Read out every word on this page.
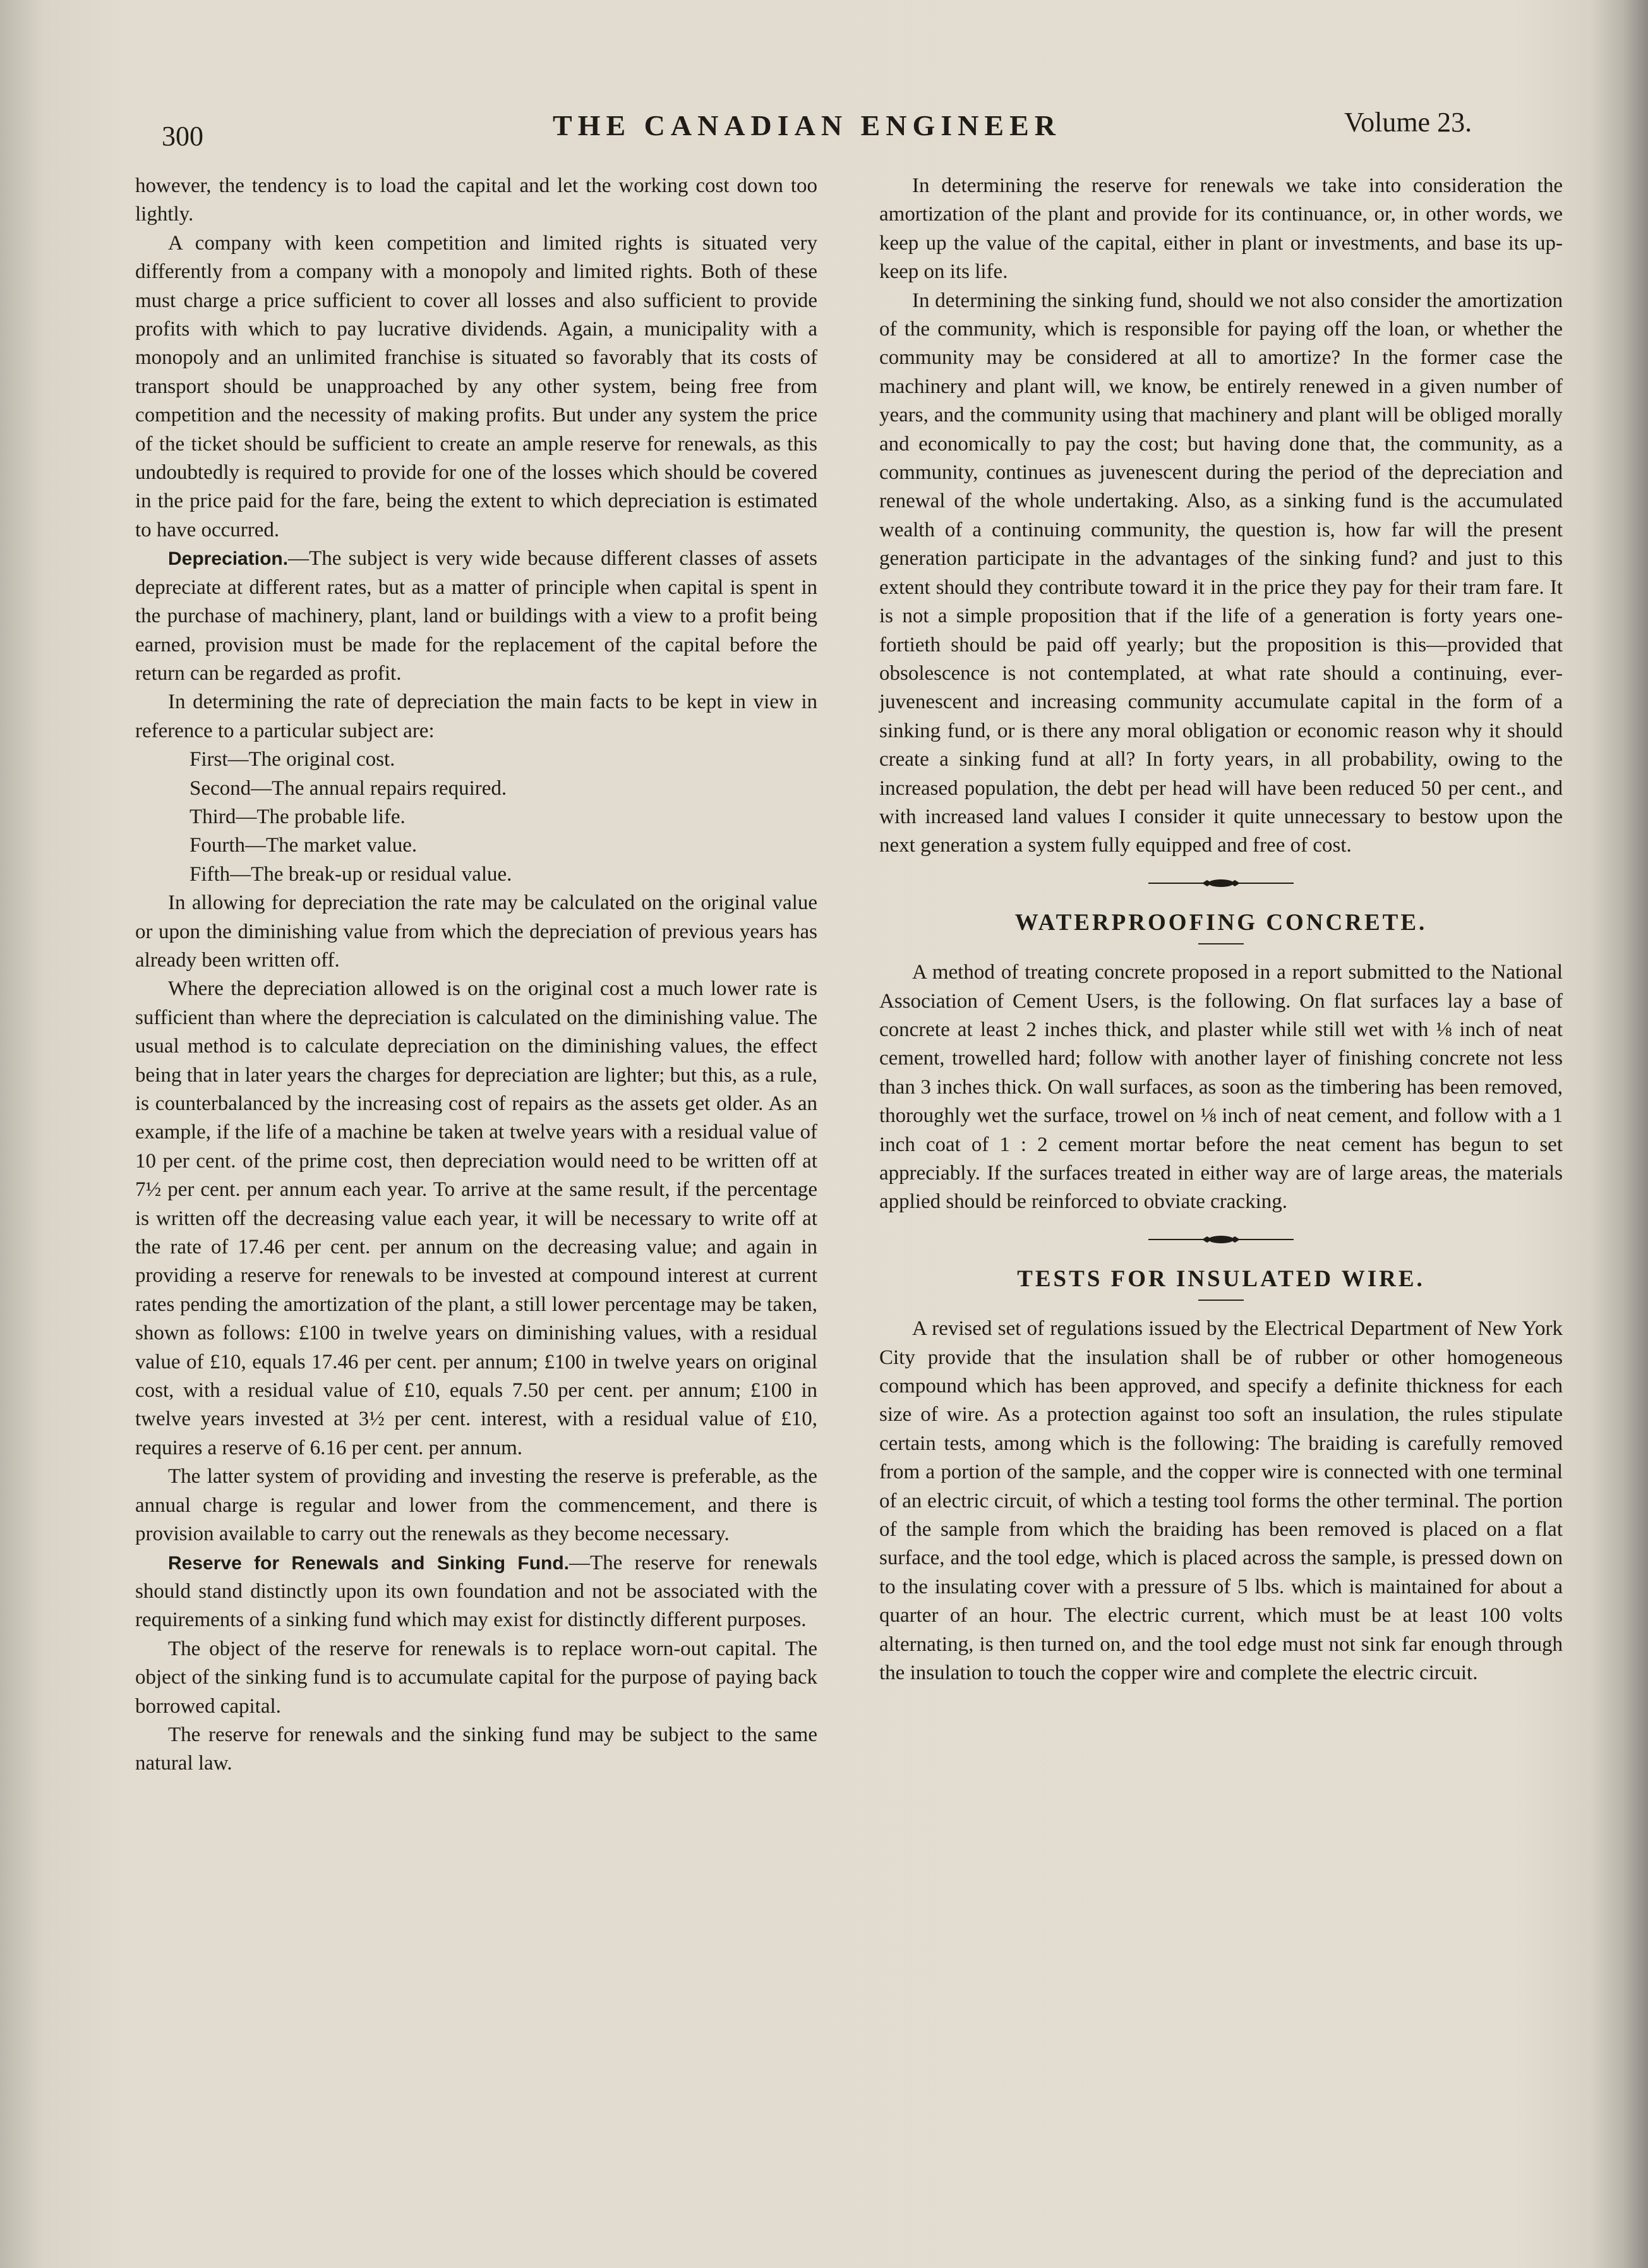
300	THE CANADIAN ENGINEER	Volume 23.

however, the tendency is to load the capital and let the working cost down too lightly.

A company with keen competition and limited rights is situated very differently from a company with a monopoly and limited rights. Both of these must charge a price sufficient to cover all losses and also sufficient to provide profits with which to pay lucrative dividends. Again, a municipality with a monopoly and an unlimited franchise is situated so favorably that its costs of transport should be unapproached by any other system, being free from competition and the necessity of making profits. But under any system the price of the ticket should be sufficient to create an ample reserve for renewals, as this undoubtedly is required to provide for one of the losses which should be covered in the price paid for the fare, being the extent to which depreciation is estimated to have occurred.

Depreciation.—The subject is very wide because different classes of assets depreciate at different rates, but as a matter of principle when capital is spent in the purchase of machinery, plant, land or buildings with a view to a profit being earned, provision must be made for the replacement of the capital before the return can be regarded as profit.

In determining the rate of depreciation the main facts to be kept in view in reference to a particular subject are:

First—The original cost.
Second—The annual repairs required.
Third—The probable life.
Fourth—The market value.
Fifth—The break-up or residual value.

In allowing for depreciation the rate may be calculated on the original value or upon the diminishing value from which the depreciation of previous years has already been written off.

Where the depreciation allowed is on the original cost a much lower rate is sufficient than where the depreciation is calculated on the diminishing value. The usual method is to calculate depreciation on the diminishing values, the effect being that in later years the charges for depreciation are lighter; but this, as a rule, is counterbalanced by the increasing cost of repairs as the assets get older. As an example, if the life of a machine be taken at twelve years with a residual value of 10 per cent. of the prime cost, then depreciation would need to be written off at 7½ per cent. per annum each year. To arrive at the same result, if the percentage is written off the decreasing value each year, it will be necessary to write off at the rate of 17.46 per cent. per annum on the decreasing value; and again in providing a reserve for renewals to be invested at compound interest at current rates pending the amortization of the plant, a still lower percentage may be taken, shown as follows: £100 in twelve years on diminishing values, with a residual value of £10, equals 17.46 per cent. per annum; £100 in twelve years on original cost, with a residual value of £10, equals 7.50 per cent. per annum; £100 in twelve years invested at 3½ per cent. interest, with a residual value of £10, requires a reserve of 6.16 per cent. per annum.

The latter system of providing and investing the reserve is preferable, as the annual charge is regular and lower from the commencement, and there is provision available to carry out the renewals as they become necessary.

Reserve for Renewals and Sinking Fund.—The reserve for renewals should stand distinctly upon its own foundation and not be associated with the requirements of a sinking fund which may exist for distinctly different purposes.

The object of the reserve for renewals is to replace worn-out capital. The object of the sinking fund is to accumulate capital for the purpose of paying back borrowed capital.

The reserve for renewals and the sinking fund may be subject to the same natural law.

In determining the reserve for renewals we take into consideration the amortization of the plant and provide for its continuance, or, in other words, we keep up the value of the capital, either in plant or investments, and base its up-keep on its life.

In determining the sinking fund, should we not also consider the amortization of the community, which is responsible for paying off the loan, or whether the community may be considered at all to amortize? In the former case the machinery and plant will, we know, be entirely renewed in a given number of years, and the community using that machinery and plant will be obliged morally and economically to pay the cost; but having done that, the community, as a community, continues as juvenescent during the period of the depreciation and renewal of the whole undertaking. Also, as a sinking fund is the accumulated wealth of a continuing community, the question is, how far will the present generation participate in the advantages of the sinking fund? and just to this extent should they contribute toward it in the price they pay for their tram fare. It is not a simple proposition that if the life of a generation is forty years one-fortieth should be paid off yearly; but the proposition is this—provided that obsolescence is not contemplated, at what rate should a continuing, ever-juvenescent and increasing community accumulate capital in the form of a sinking fund, or is there any moral obligation or economic reason why it should create a sinking fund at all? In forty years, in all probability, owing to the increased population, the debt per head will have been reduced 50 per cent., and with increased land values I consider it quite unnecessary to bestow upon the next generation a system fully equipped and free of cost.

WATERPROOFING CONCRETE.

A method of treating concrete proposed in a report submitted to the National Association of Cement Users, is the following. On flat surfaces lay a base of concrete at least 2 inches thick, and plaster while still wet with ⅛ inch of neat cement, trowelled hard; follow with another layer of finishing concrete not less than 3 inches thick. On wall surfaces, as soon as the timbering has been removed, thoroughly wet the surface, trowel on ⅛ inch of neat cement, and follow with a 1 inch coat of 1 : 2 cement mortar before the neat cement has begun to set appreciably. If the surfaces treated in either way are of large areas, the materials applied should be reinforced to obviate cracking.

TESTS FOR INSULATED WIRE.

A revised set of regulations issued by the Electrical Department of New York City provide that the insulation shall be of rubber or other homogeneous compound which has been approved, and specify a definite thickness for each size of wire. As a protection against too soft an insulation, the rules stipulate certain tests, among which is the following: The braiding is carefully removed from a portion of the sample, and the copper wire is connected with one terminal of an electric circuit, of which a testing tool forms the other terminal. The portion of the sample from which the braiding has been removed is placed on a flat surface, and the tool edge, which is placed across the sample, is pressed down on to the insulating cover with a pressure of 5 lbs. which is maintained for about a quarter of an hour. The electric current, which must be at least 100 volts alternating, is then turned on, and the tool edge must not sink far enough through the insulation to touch the copper wire and complete the electric circuit.
